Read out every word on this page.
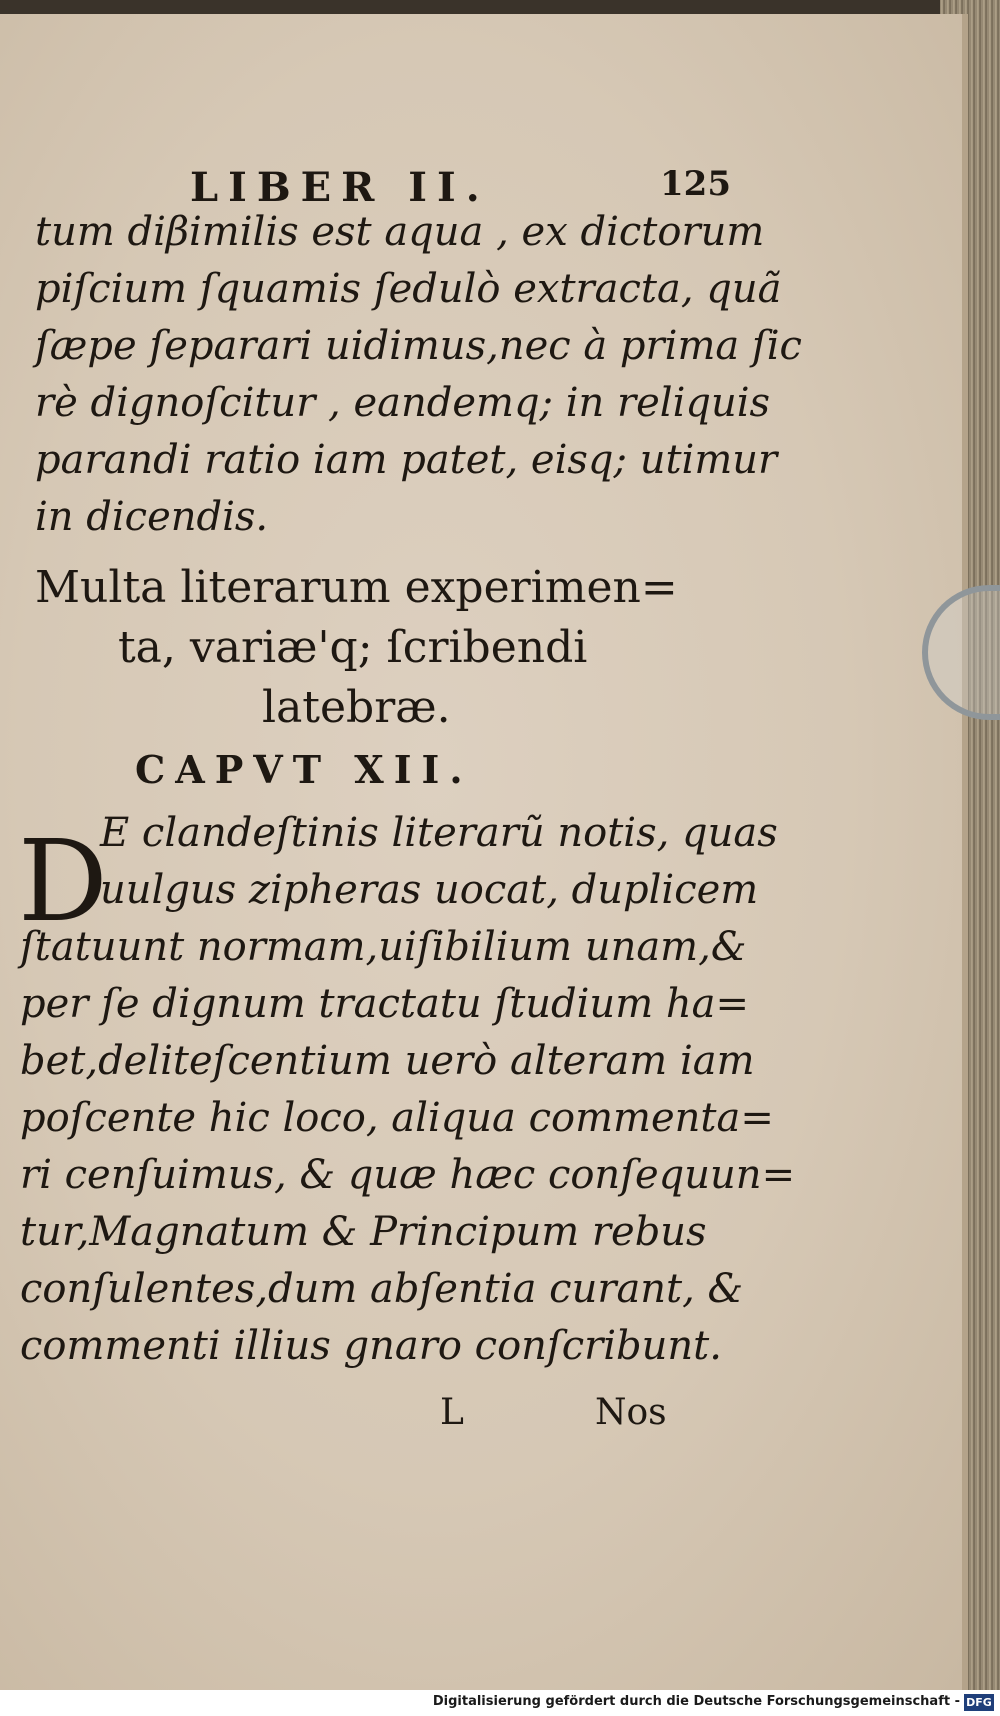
LIBER II.	125
tum diβimilis est aqua , ex dictorum
piſcium ſquamis ſedulò extracta, quã
ſæpe ſeparari uidimus,nec à prima ſic
rè dignoſcitur , eandemq; in reliquis
parandi ratio iam patet, eisq; utimur
in dicendis.
Multa literarum experimen=
ta, variæ'q; ſcribendi
latebræ.
CAPVT XII.
D
E clandeſtinis literarũ notis, quas
uulgus zipheras uocat, duplicem
ſtatuunt normam,uiſibilium unam,&
per ſe dignum tractatu ſtudium ha=
bet,deliteſcentium uerò alteram iam
poſcente hic loco, aliqua commenta=
ri cenſuimus, & quæ hæc conſequun=
tur,Magnatum & Principum rebus
conſulentes,dum abſentia curant, &
commenti illius gnaro conſcribunt.
L	Nos
Digitalisierung gefördert durch die Deutsche Forschungsgemeinschaft - DFG
